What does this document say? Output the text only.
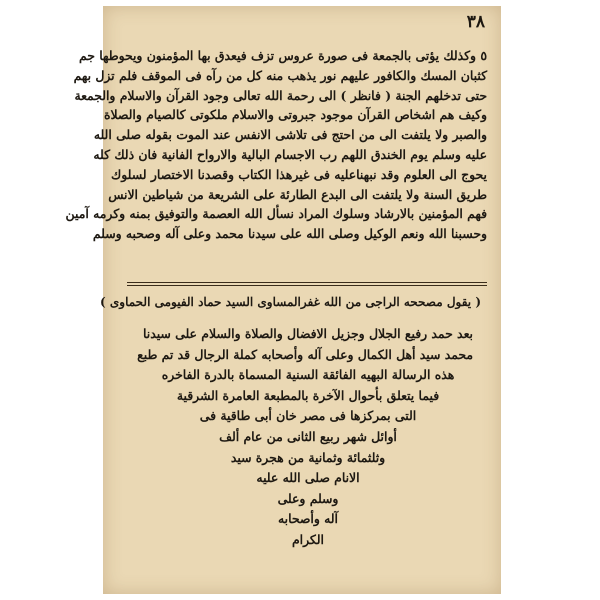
٣٨

٥ وكذلك يؤتى بالجمعة فى صورة عروس تزف فيعدق بها المؤمنون ويحوطها جم
كثبان المسك والكافور عليهم نور يذهب منه كل من رآه فى الموقف فلم تزل بهم
حتى تدخلهم الجنة ( فانظر ) الى رحمة الله تعالى وجود القرآن والاسلام والجمعة
وكيف هم اشخاص القرآن موجود جبروتى والاسلام ملكوتى كالصيام والصلاة
والصبر ولا يلتفت الى من احتج فى تلاشى الانفس عند الموت بقوله صلى الله
عليه وسلم يوم الخندق اللهم رب الاجسام البالية والارواح الفانية فان ذلك كله
يحوج الى العلوم وقد نبهناعليه فى غيرهذا الكتاب وقصدنا الاختصار لسلوك
طريق السنة ولا يلتفت الى البدع الطارئة على الشريعة من شياطين الانس
فهم المؤمنين بالارشاد وسلوك المراد نسأل الله العصمة والتوفيق بمنه وكرمه آمين
وحسبنا الله ونعم الوكيل وصلى الله على سيدنا محمد وعلى آله وصحبه وسلم

( يقول مصححه الراجى من الله غفرالمساوى السيد حماد الفيومى الحماوى )
بعد حمد رفيع الجلال وجزيل الافضال والصلاة والسلام على سيدنا
محمد سيد أهل الكمال وعلى آله وأصحابه كملة الرجال قد تم طبع
هذه الرسالة البهيه الفائقة السنية المسماة بالدرة الفاخره
فيما يتعلق بأحوال الآخرة بالمطبعة العامرة الشرقية
التى بمركزها فى مصر خان أبى طاقية فى
أوائل شهر ربيع الثانى من عام ألف
وثلثمائة وثمانية من هجرة سيد
الانام صلى الله عليه
وسلم وعلى
آله وأصحابه
الكرام
